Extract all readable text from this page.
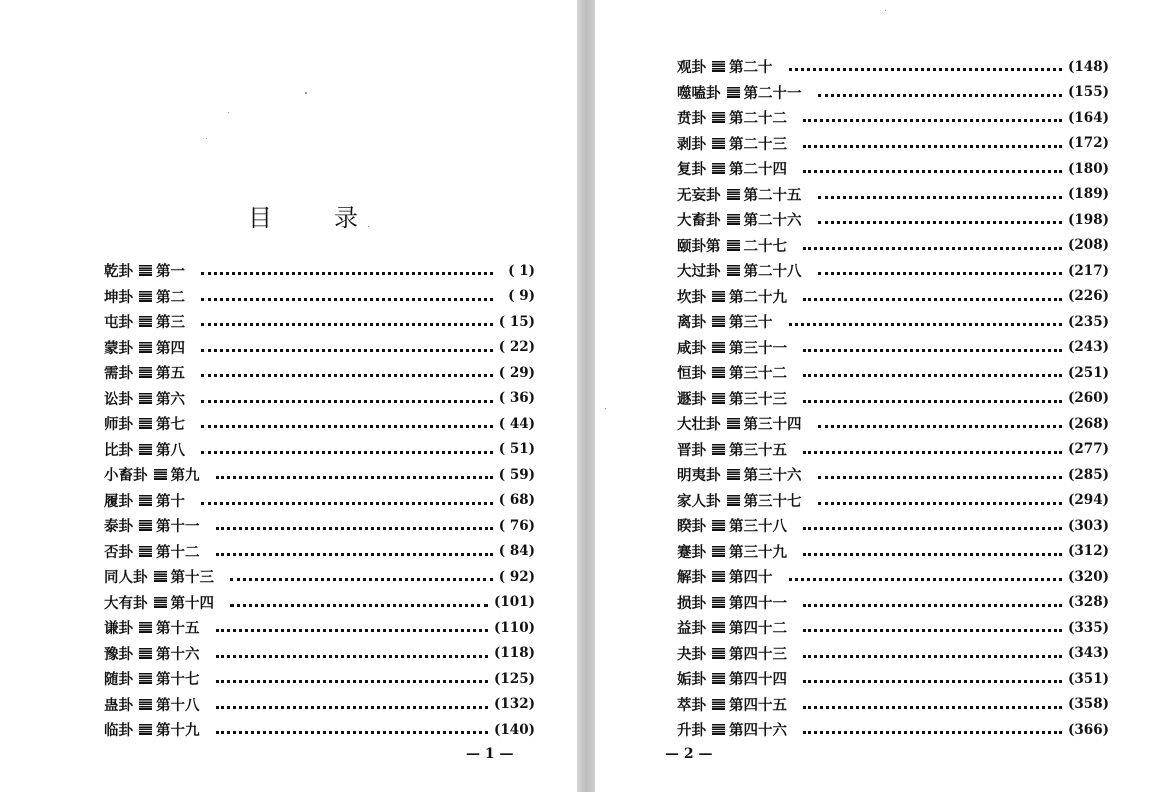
目	录
乾卦 第一	( 1)
坤卦 第二	( 9)
屯卦 第三	( 15)
蒙卦 第四	( 22)
需卦 第五	( 29)
讼卦 第六	( 36)
师卦 第七	( 44)
比卦 第八	( 51)
小畜卦 第九	( 59)
履卦 第十	( 68)
泰卦 第十一	( 76)
否卦 第十二	( 84)
同人卦 第十三	( 92)
大有卦 第十四	(101)
谦卦 第十五	(110)
豫卦 第十六	(118)
随卦 第十七	(125)
蛊卦 第十八	(132)
临卦 第十九	(140)
— 1 —
观卦 第二十	(148)
噬嗑卦 第二十一	(155)
贲卦 第二十二	(164)
剥卦 第二十三	(172)
复卦 第二十四	(180)
无妄卦 第二十五	(189)
大畜卦 第二十六	(198)
颐卦第 二十七	(208)
大过卦 第二十八	(217)
坎卦 第二十九	(226)
离卦 第三十	(235)
咸卦 第三十一	(243)
恒卦 第三十二	(251)
遯卦 第三十三	(260)
大壮卦 第三十四	(268)
晋卦 第三十五	(277)
明夷卦 第三十六	(285)
家人卦 第三十七	(294)
睽卦 第三十八	(303)
蹇卦 第三十九	(312)
解卦 第四十	(320)
损卦 第四十一	(328)
益卦 第四十二	(335)
夬卦 第四十三	(343)
姤卦 第四十四	(351)
萃卦 第四十五	(358)
升卦 第四十六	(366)
— 2 —
